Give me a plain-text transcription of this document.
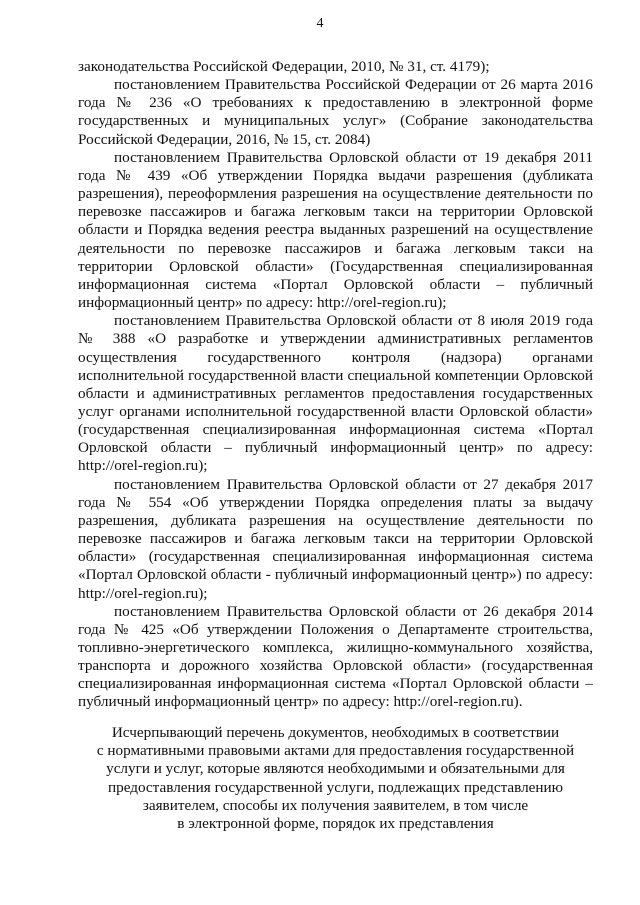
4

законодательства Российской Федерации, 2010, № 31, ст. 4179);

постановлением Правительства Российской Федерации от 26 марта 2016 года № 236 «О требованиях к предоставлению в электронной форме государственных и муниципальных услуг» (Собрание законодательства Российской Федерации, 2016, № 15, ст. 2084)

постановлением Правительства Орловской области от 19 декабря 2011 года № 439 «Об утверждении Порядка выдачи разрешения (дубликата разрешения), переоформления разрешения на осуществление деятельности по перевозке пассажиров и багажа легковым такси на территории Орловской области и Порядка ведения реестра выданных разрешений на осуществление деятельности по перевозке пассажиров и багажа легковым такси на территории Орловской области» (Государственная специализированная информационная система «Портал Орловской области – публичный информационный центр» по адресу: http://orel-region.ru);

постановлением Правительства Орловской области от 8 июля 2019 года № 388 «О разработке и утверждении административных регламентов осуществления государственного контроля (надзора) органами исполнительной государственной власти специальной компетенции Орловской области и административных регламентов предоставления государственных услуг органами исполнительной государственной власти Орловской области» (государственная специализированная информационная система «Портал Орловской области – публичный информационный центр» по адресу: http://orel-region.ru);

постановлением Правительства Орловской области от 27 декабря 2017 года № 554 «Об утверждении Порядка определения платы за выдачу разрешения, дубликата разрешения на осуществление деятельности по перевозке пассажиров и багажа легковым такси на территории Орловской области» (государственная специализированная информационная система «Портал Орловской области - публичный информационный центр») по адресу: http://orel-region.ru);

постановлением Правительства Орловской области от 26 декабря 2014 года № 425 «Об утверждении Положения о Департаменте строительства, топливно-энергетического комплекса, жилищно-коммунального хозяйства, транспорта и дорожного хозяйства Орловской области» (государственная специализированная информационная система «Портал Орловской области – публичный информационный центр» по адресу: http://orel-region.ru).

Исчерпывающий перечень документов, необходимых в соответствии

с нормативными правовыми актами для предоставления государственной

услуги и услуг, которые являются необходимыми и обязательными для

предоставления государственной услуги, подлежащих представлению

заявителем, способы их получения заявителем, в том числе

в электронной форме, порядок их представления
